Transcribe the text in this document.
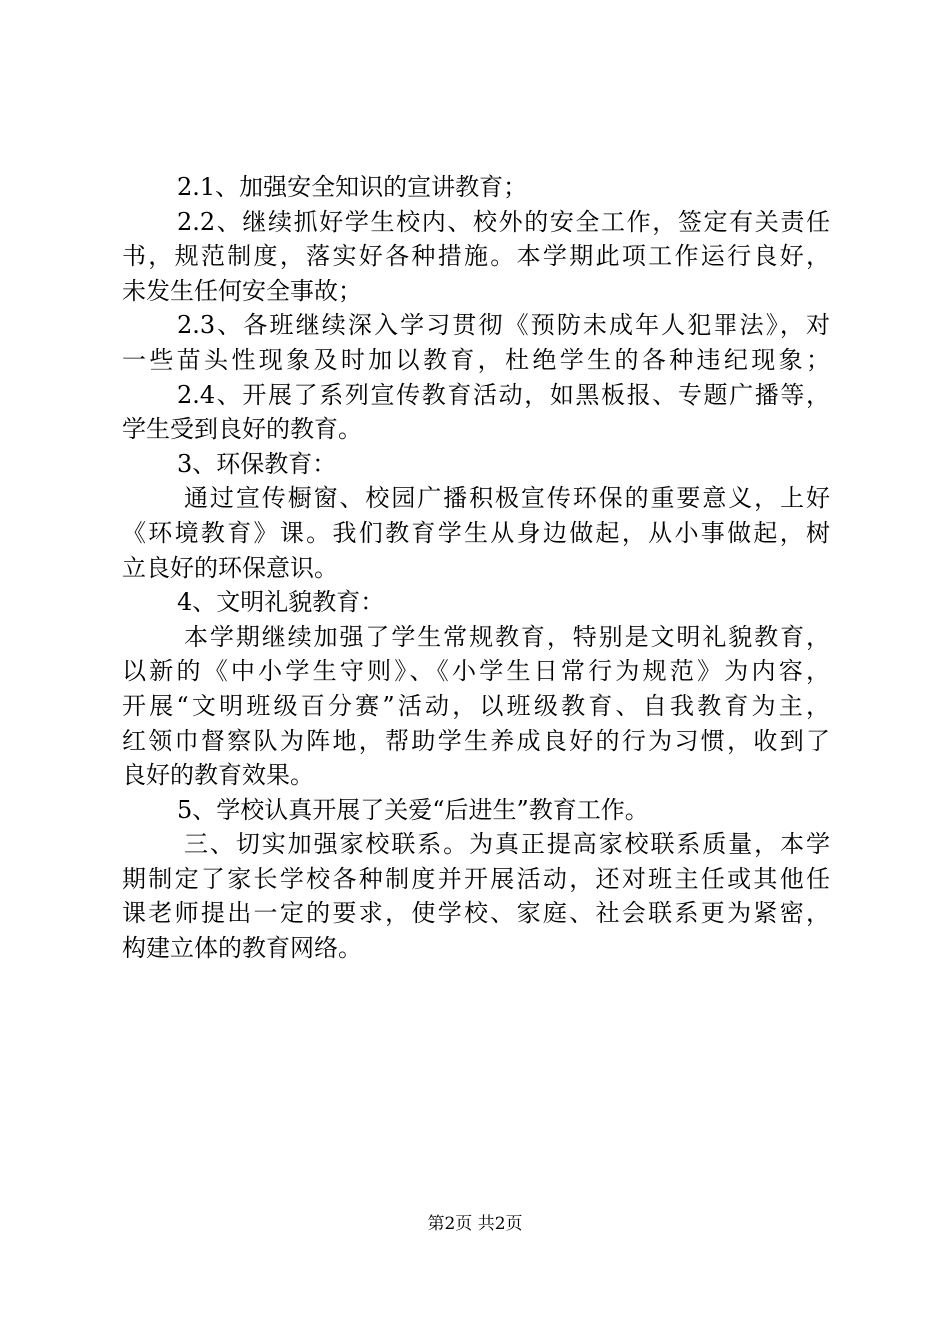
2.1、加强安全知识的宣讲教育；
2.2、继续抓好学生校内、校外的安全工作，签定有关责任
书，规范制度，落实好各种措施。本学期此项工作运行良好，
未发生任何安全事故；
2.3、各班继续深入学习贯彻《预防未成年人犯罪法》，对
一些苗头性现象及时加以教育，杜绝学生的各种违纪现象；
2.4、开展了系列宣传教育活动，如黑板报、专题广播等，
学生受到良好的教育。
3、环保教育：
通过宣传橱窗、校园广播积极宣传环保的重要意义，上好
《环境教育》课。我们教育学生从身边做起，从小事做起，树
立良好的环保意识。
4、文明礼貌教育：
本学期继续加强了学生常规教育，特别是文明礼貌教育，
以新的《中小学生守则》、《小学生日常行为规范》为内容，
开展“文明班级百分赛”活动，以班级教育、自我教育为主，
红领巾督察队为阵地，帮助学生养成良好的行为习惯，收到了
良好的教育效果。
5、学校认真开展了关爱“后进生”教育工作。
三、切实加强家校联系。为真正提高家校联系质量，本学
期制定了家长学校各种制度并开展活动，还对班主任或其他任
课老师提出一定的要求，使学校、家庭、社会联系更为紧密，
构建立体的教育网络。
第2页 共2页
